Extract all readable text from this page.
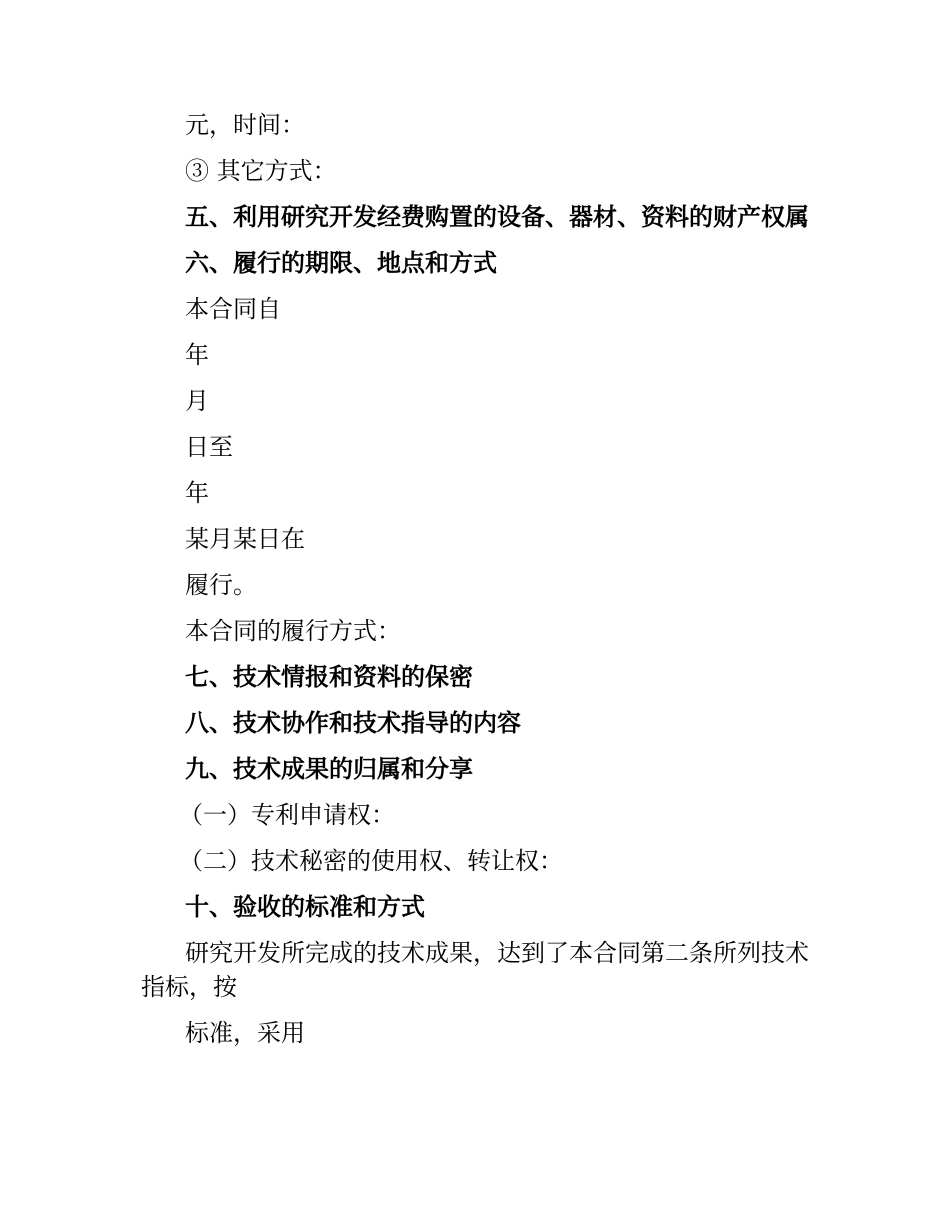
元，时间：

③ 其它方式：

五、利用研究开发经费购置的设备、器材、资料的财产权属

六、履行的期限、地点和方式

本合同自

年

月

日至

年

某月某日在

履行。

本合同的履行方式：

七、技术情报和资料的保密

八、技术协作和技术指导的内容

九、技术成果的归属和分享

（一）专利申请权：

（二）技术秘密的使用权、转让权：

十、验收的标准和方式

研究开发所完成的技术成果，达到了本合同第二条所列技术指标，按

标准，采用
